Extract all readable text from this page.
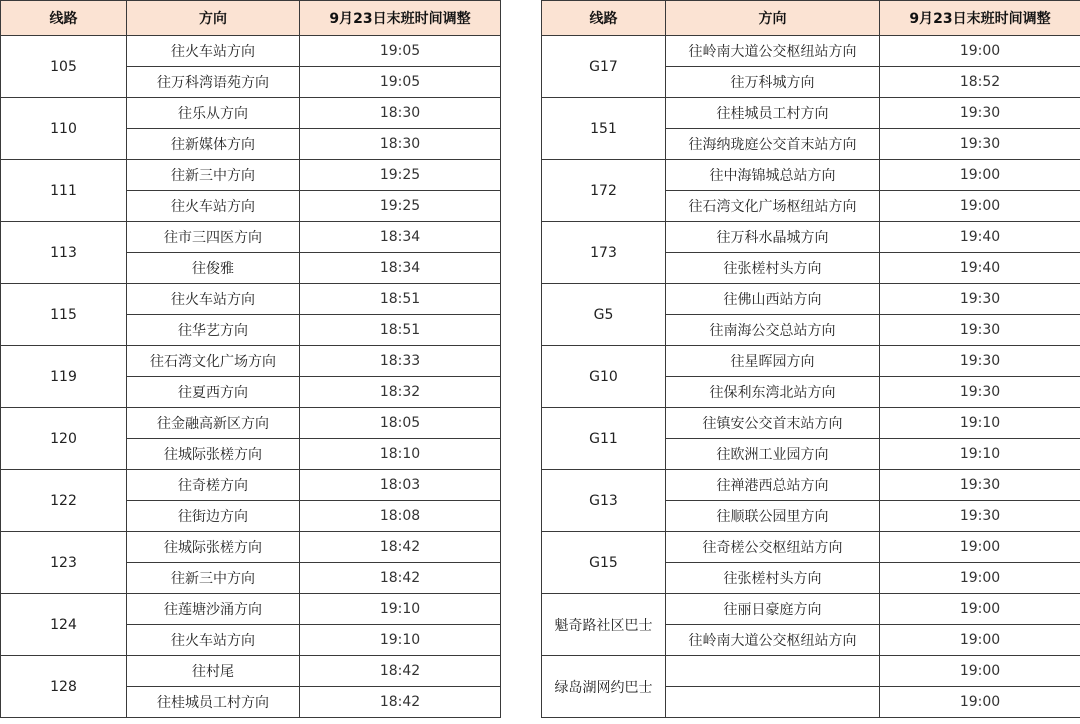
线路	方向	9月23日末班时间调整
105	往火车站方向	19:05
	往万科湾语苑方向	19:05
110	往乐从方向	18:30
	往新媒体方向	18:30
111	往新三中方向	19:25
	往火车站方向	19:25
113	往市三四医方向	18:34
	往俊雅	18:34
115	往火车站方向	18:51
	往华艺方向	18:51
119	往石湾文化广场方向	18:33
	往夏西方向	18:32
120	往金融高新区方向	18:05
	往城际张槎方向	18:10
122	往奇槎方向	18:03
	往街边方向	18:08
123	往城际张槎方向	18:42
	往新三中方向	18:42
124	往莲塘沙涌方向	19:10
	往火车站方向	19:10
128	往村尾	18:42
	往桂城员工村方向	18:42
线路	方向	9月23日末班时间调整
G17	往岭南大道公交枢纽站方向	19:00
	往万科城方向	18:52
151	往桂城员工村方向	19:30
	往海纳珑庭公交首末站方向	19:30
172	往中海锦城总站方向	19:00
	往石湾文化广场枢纽站方向	19:00
173	往万科水晶城方向	19:40
	往张槎村头方向	19:40
G5	往佛山西站方向	19:30
	往南海公交总站方向	19:30
G10	往星晖园方向	19:30
	往保利东湾北站方向	19:30
G11	往镇安公交首末站方向	19:10
	往欧洲工业园方向	19:10
G13	往禅港西总站方向	19:30
	往顺联公园里方向	19:30
G15	往奇槎公交枢纽站方向	19:00
	往张槎村头方向	19:00
魁奇路社区巴士	往丽日豪庭方向	19:00
	往岭南大道公交枢纽站方向	19:00
绿岛湖网约巴士		19:00
		19:00
